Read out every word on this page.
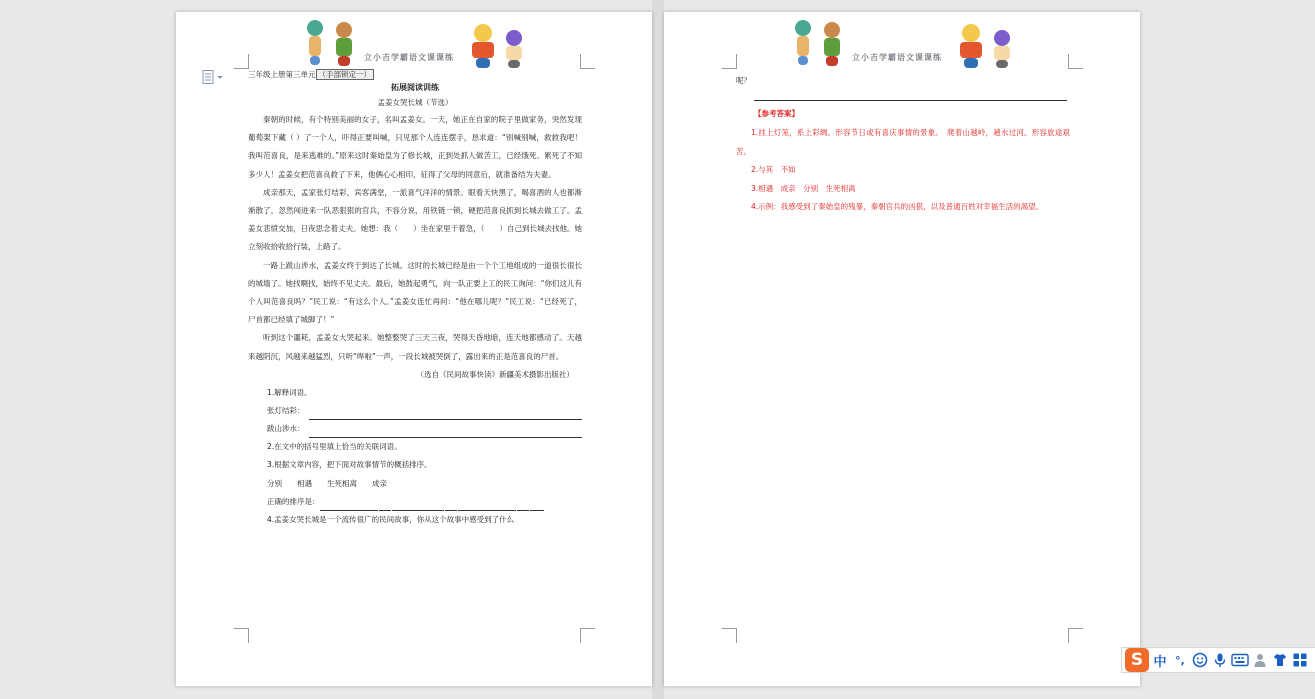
立小吉学霸语文课课练

三年级上册第三单元 （手部锁定一）

拓展阅读训练

孟姜女哭长城（节选）

秦朝的时候，有个特别美丽的女子，名叫孟姜女。一天，她正在自家的院子里做家务，突然发现葡萄架下藏（ ）了一个人，吓得正要叫喊，只见那个人连连摆手，恳求道：“别喊别喊，救救我吧！我叫范喜良，是来逃难的。”原来这时秦始皇为了修长城，正到处抓人做苦工，已经饿死、累死了不知多少人！孟姜女把范喜良救了下来，他俩心心相印，征得了父母的同意后，就准备结为夫妻。

成亲那天，孟家张灯结彩，宾客满堂，一派喜气洋洋的情景。眼看天快黑了，喝喜酒的人也都渐渐散了，忽然闯进来一队恶狠狠的官兵，不容分说，用铁链一锁，硬把范喜良抓到长城去做工了。孟姜女悲愤交加，日夜思念着丈夫。她想：我（　　）坐在家里干着急，（　　）自己到长城去找他。她立刻收拾收拾行装，上路了。

一路上跋山涉水，孟姜女终于到达了长城。这时的长城已经是由一个个工地组成的一道很长很长的城墙了。她找啊找，始终不见丈夫。最后，她鼓起勇气，向一队正要上工的民工询问：“你们这儿有个人叫范喜良吗？”民工说：“有这么个人。”孟姜女连忙再问：“他在哪儿呢？”民工说：“已经死了，尸首都已经填了城脚了！”

听到这个噩耗，孟姜女大哭起来。她整整哭了三天三夜，哭得天昏地暗，连天地都感动了。天越来越阴沉，风越来越猛烈，只听“哗啦”一声，一段长城被哭倒了，露出来的正是范喜良的尸首。

（选自《民间故事快读》新疆美术摄影出版社）

1.解释词语。

张灯结彩：
跋山涉水：

2.在文中的括号里填上恰当的关联词语。

3.根据文章内容，把下面对故事情节的概括排序。

分别　　相遇　　生死相离　　成亲

正确的排序是：

4.孟姜女哭长城是一个流传很广的民间故事，你从这个故事中感受到了什么

立小吉学霸语文课课练

呢？

【参考答案】

1.挂上灯笼，系上彩绸。形容节日或有喜庆事情的景象。　爬着山越岭，趟水过河。形容旅途艰苦。

2.与其　不如

3.相遇　成亲　分别　生死相离

4.示例：我感受到了秦始皇的残暴，秦朝官兵的凶狠，以及普通百姓对幸福生活的渴望。

S 中 °,
